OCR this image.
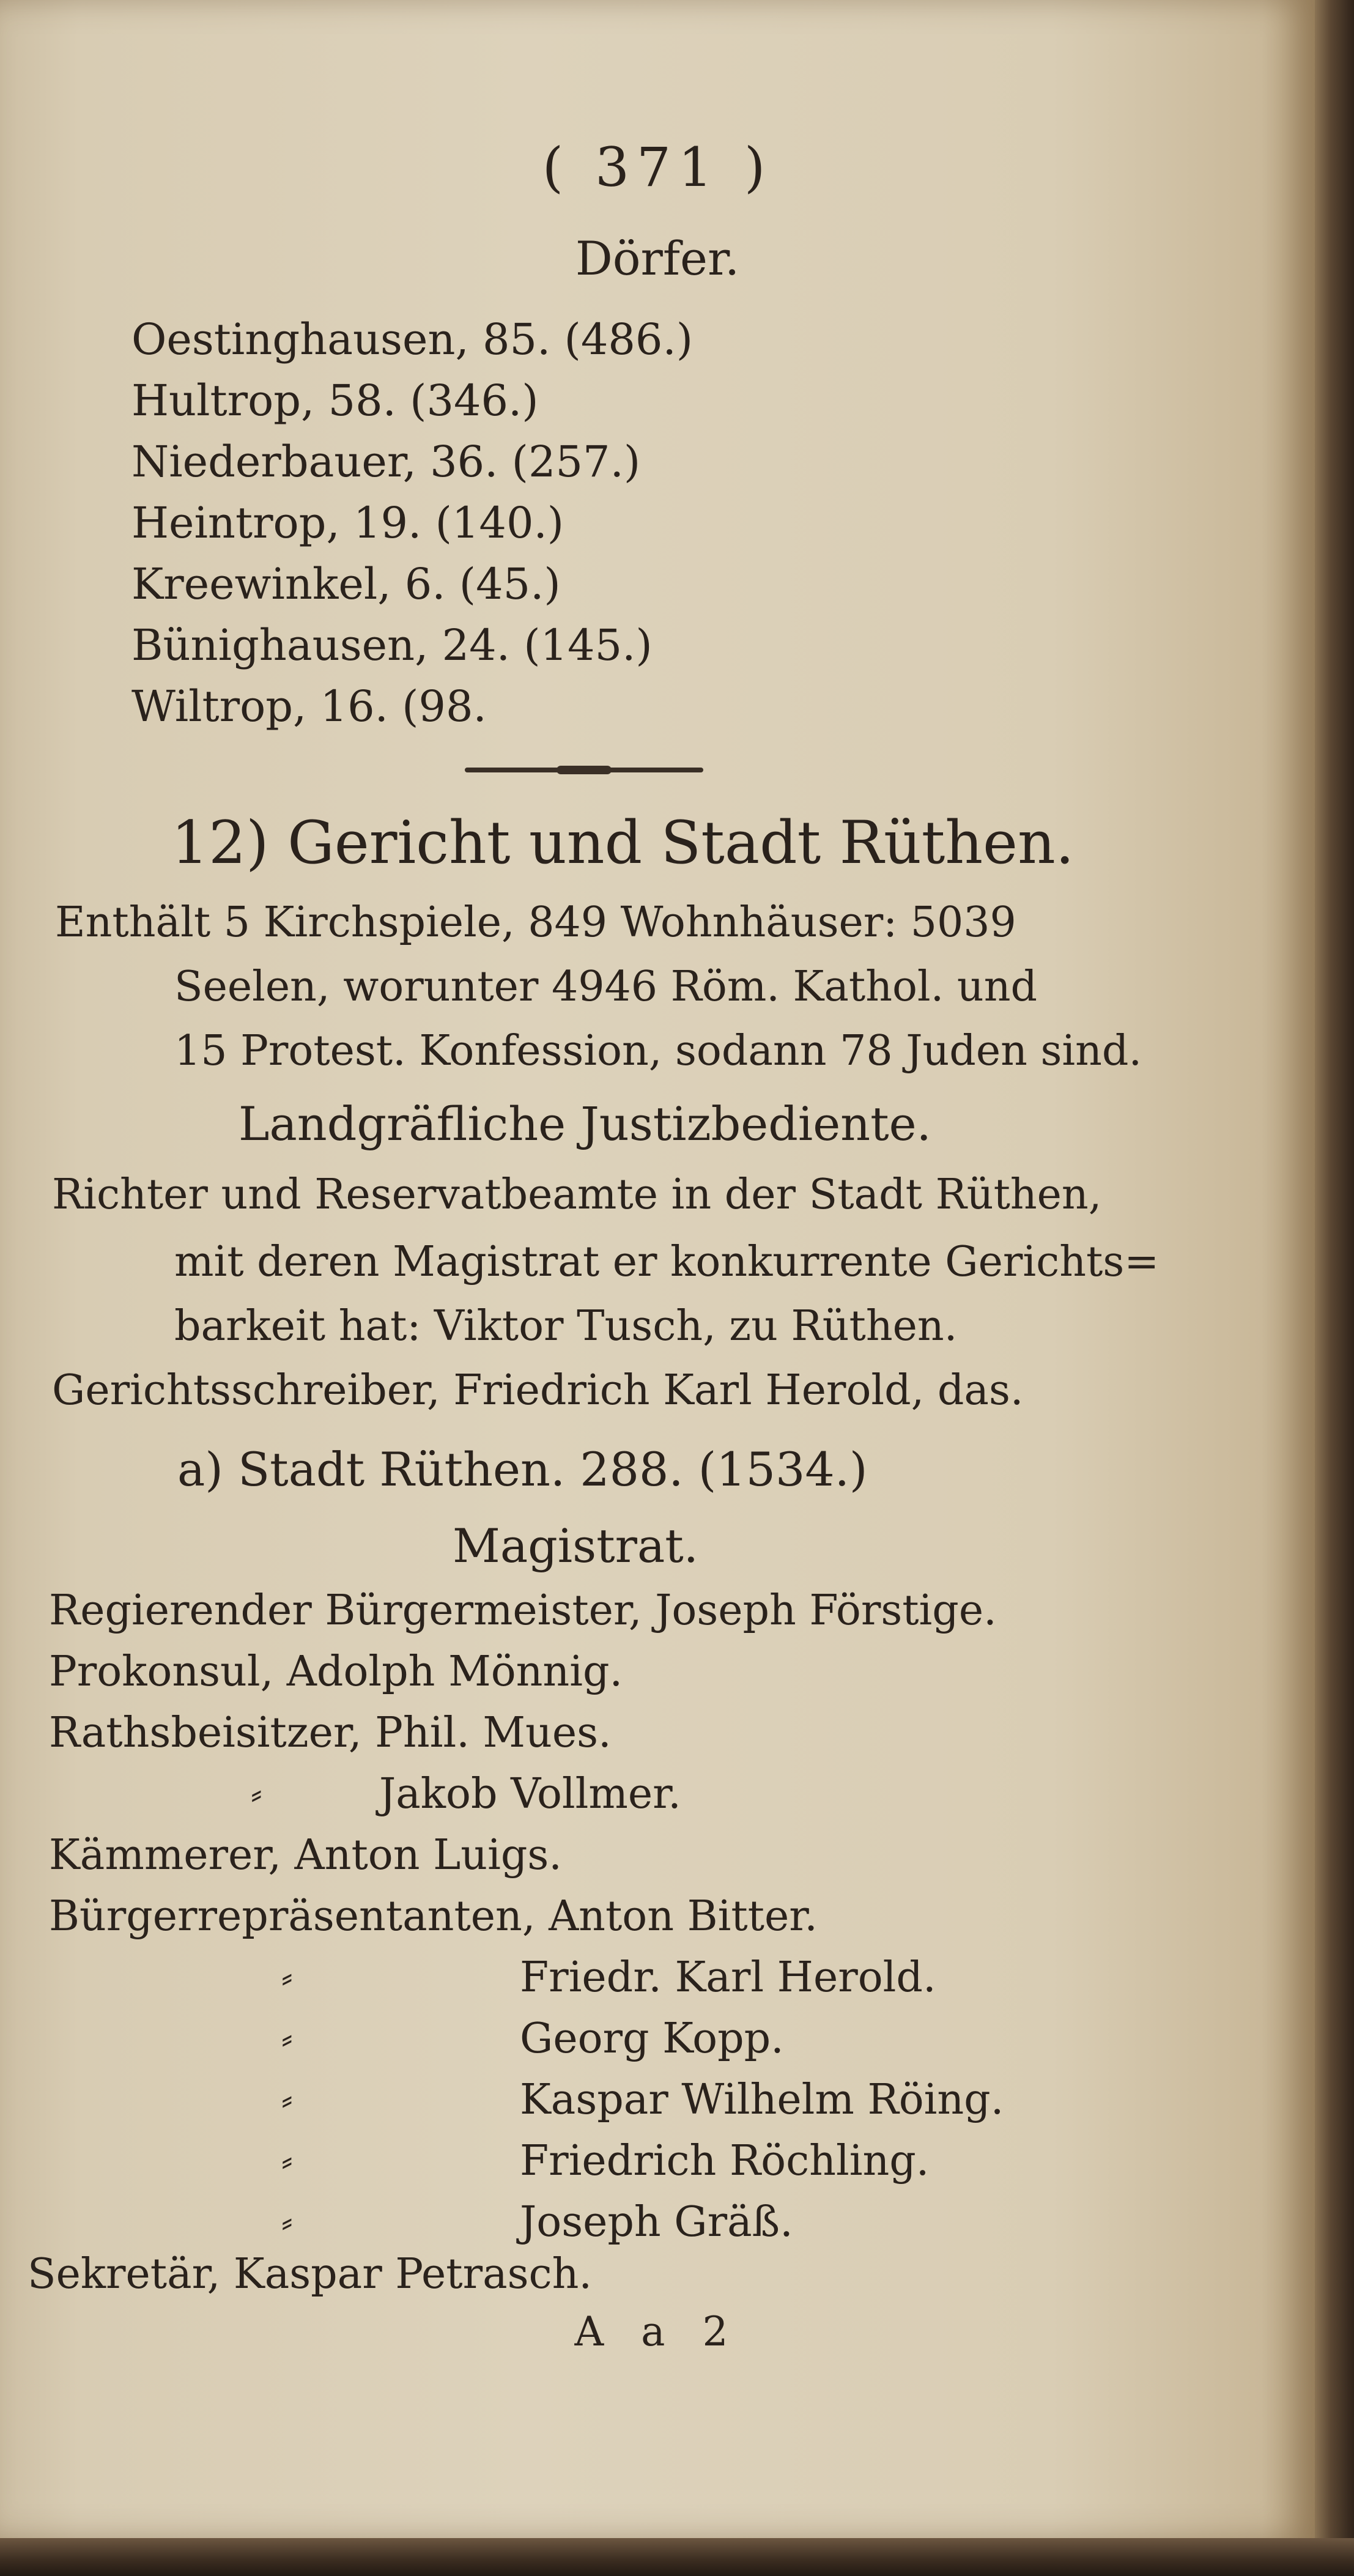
( 371 )
Dörfer.
Oestinghausen, 85. (486.)
Hultrop, 58. (346.)
Niederbauer, 36. (257.)
Heintrop, 19. (140.)
Kreewinkel, 6. (45.)
Bünighausen, 24. (145.)
Wiltrop, 16. (98.
12) Gericht und Stadt Rüthen.
Enthält 5 Kirchspiele, 849 Wohnhäuser: 5039
Seelen, worunter 4946 Röm. Kathol. und
15 Protest. Konfession, sodann 78 Juden sind.
Landgräfliche Justizbediente.
Richter und Reservatbeamte in der Stadt Rüthen,
mit deren Magistrat er konkurrente Gerichts=
barkeit hat: Viktor Tusch, zu Rüthen.
Gerichtsschreiber, Friedrich Karl Herold, das.
a) Stadt Rüthen. 288. (1534.)
Magistrat.
Regierender Bürgermeister, Joseph Förstige.
Prokonsul, Adolph Mönnig.
Rathsbeisitzer, Phil. Mues.
⸗	Jakob Vollmer.
Kämmerer, Anton Luigs.
Bürgerrepräsentanten, Anton Bitter.
⸗	Friedr. Karl Herold.
⸗	Georg Kopp.
⸗	Kaspar Wilhelm Röing.
⸗	Friedrich Röchling.
⸗	Joseph Gräß.
Sekretär, Kaspar Petrasch.
A a 2
